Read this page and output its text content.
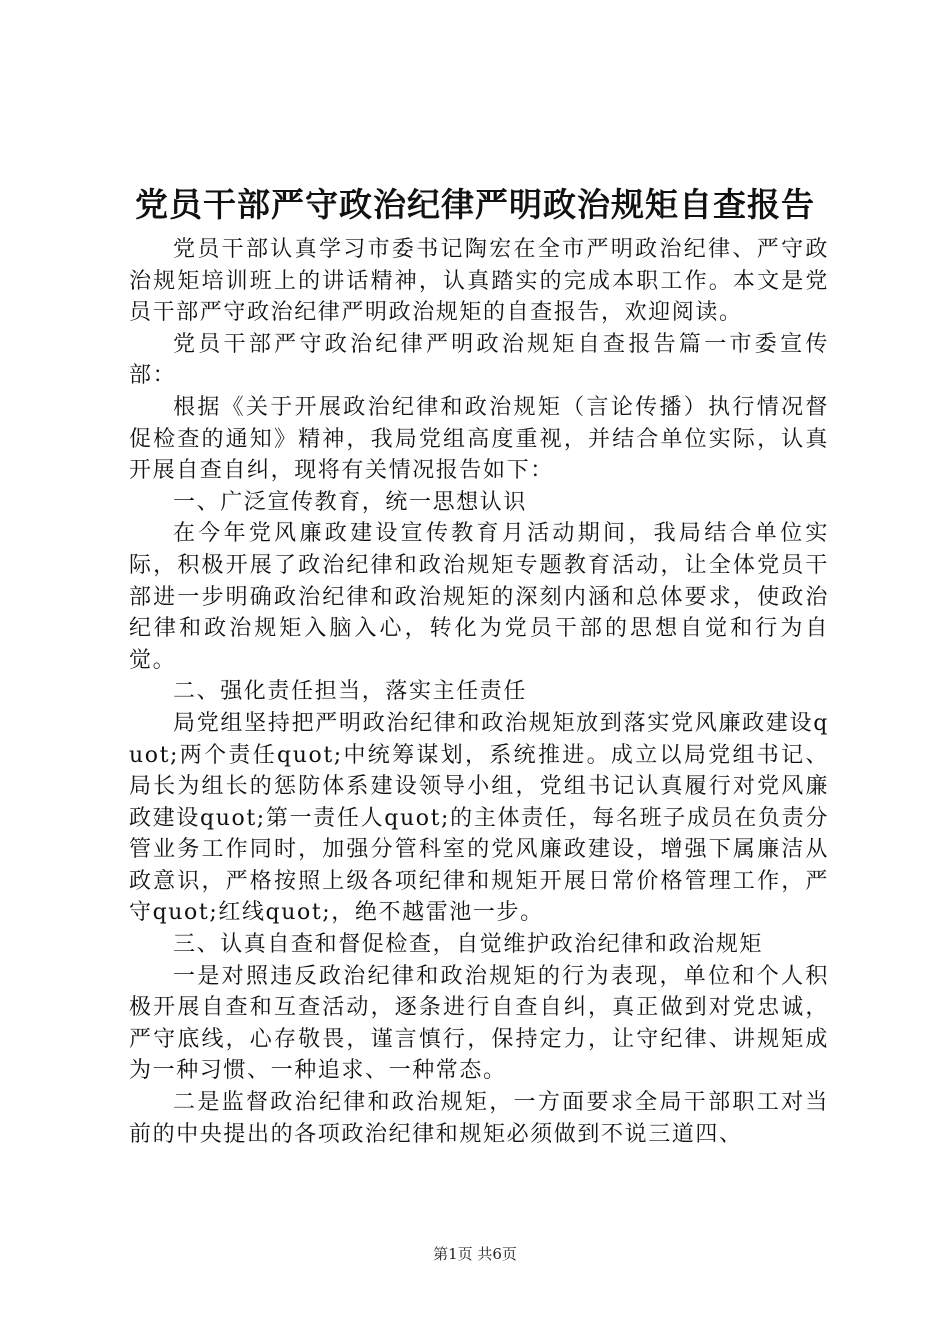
党员干部严守政治纪律严明政治规矩自查报告

党员干部认真学习市委书记陶宏在全市严明政治纪律、严守政治规矩培训班上的讲话精神，认真踏实的完成本职工作。本文是党员干部严守政治纪律严明政治规矩的自查报告，欢迎阅读。

党员干部严守政治纪律严明政治规矩自查报告篇一市委宣传部：

根据《关于开展政治纪律和政治规矩（言论传播）执行情况督促检查的通知》精神，我局党组高度重视，并结合单位实际，认真开展自查自纠，现将有关情况报告如下：

一、广泛宣传教育，统一思想认识

在今年党风廉政建设宣传教育月活动期间，我局结合单位实际，积极开展了政治纪律和政治规矩专题教育活动，让全体党员干部进一步明确政治纪律和政治规矩的深刻内涵和总体要求，使政治纪律和政治规矩入脑入心，转化为党员干部的思想自觉和行为自觉。

二、强化责任担当，落实主任责任

局党组坚持把严明政治纪律和政治规矩放到落实党风廉政建设quot;两个责任quot;中统筹谋划，系统推进。成立以局党组书记、局长为组长的惩防体系建设领导小组，党组书记认真履行对党风廉政建设quot;第一责任人quot;的主体责任，每名班子成员在负责分管业务工作同时，加强分管科室的党风廉政建设，增强下属廉洁从政意识，严格按照上级各项纪律和规矩开展日常价格管理工作，严守quot;红线quot;，绝不越雷池一步。

三、认真自查和督促检查，自觉维护政治纪律和政治规矩

一是对照违反政治纪律和政治规矩的行为表现，单位和个人积极开展自查和互查活动，逐条进行自查自纠，真正做到对党忠诚，严守底线，心存敬畏，谨言慎行，保持定力，让守纪律、讲规矩成为一种习惯、一种追求、一种常态。

二是监督政治纪律和政治规矩，一方面要求全局干部职工对当前的中央提出的各项政治纪律和规矩必须做到不说三道四、

第1页 共6页
